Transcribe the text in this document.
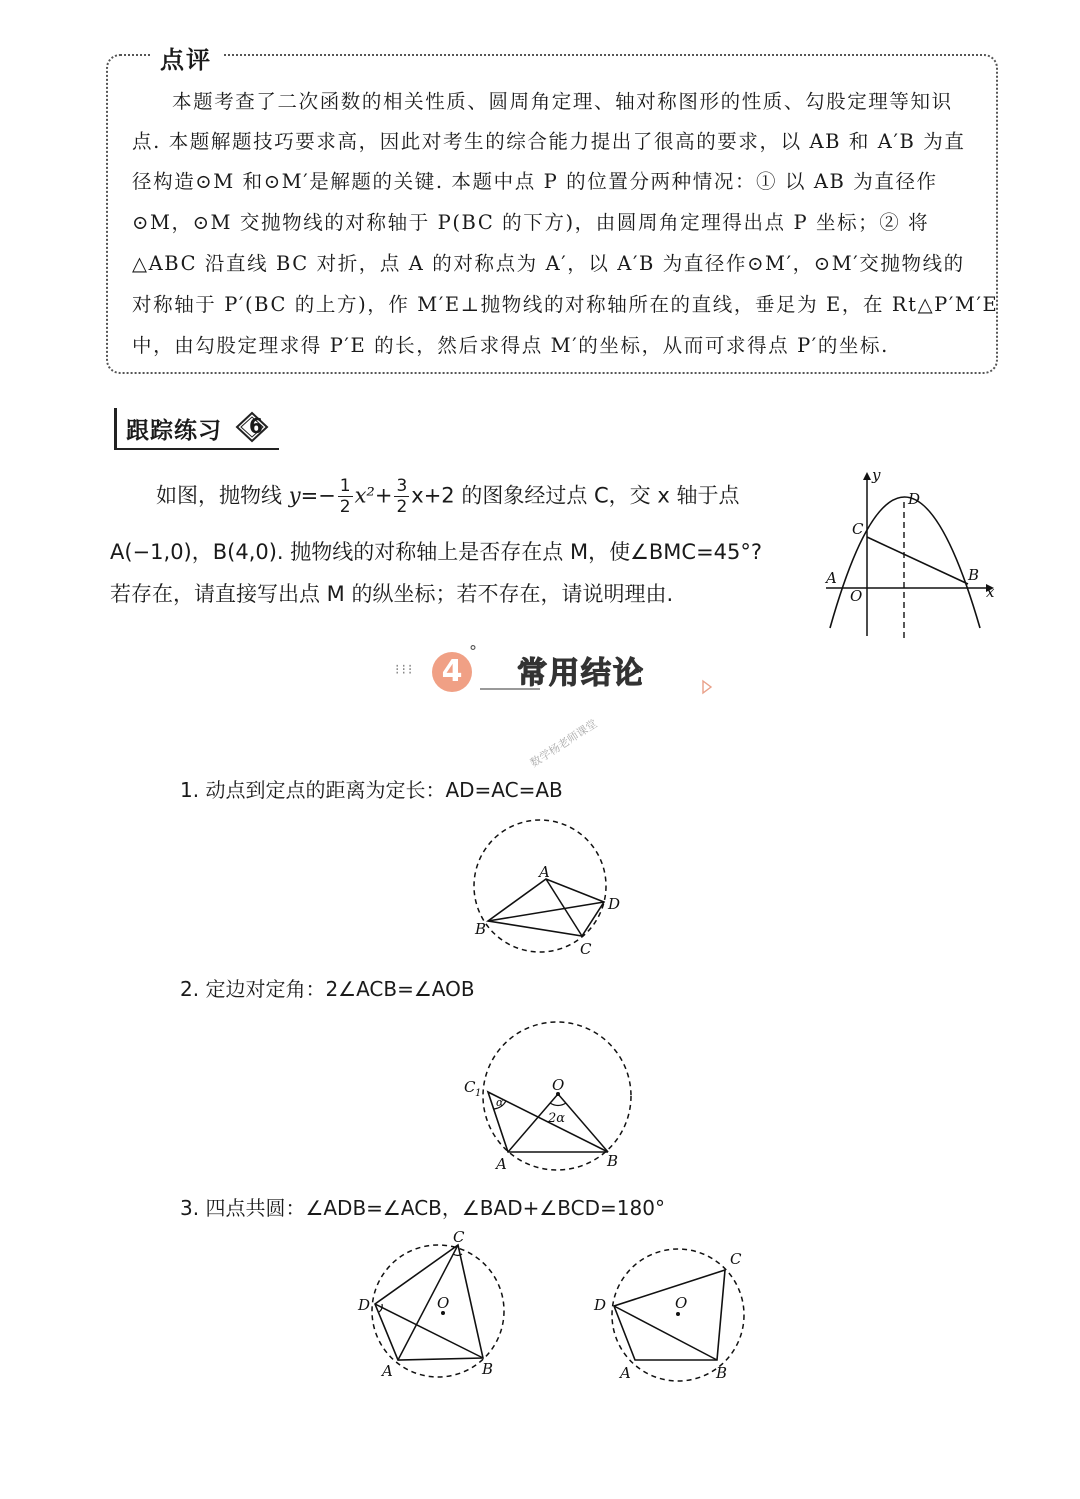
点评
本题考查了二次函数的相关性质、圆周角定理、轴对称图形的性质、勾股定理等知识
点. 本题解题技巧要求高，因此对考生的综合能力提出了很高的要求，以 AB 和 A′B 为直
径构造⊙M 和⊙M′是解题的关键. 本题中点 P 的位置分两种情况：① 以 AB 为直径作
⊙M，⊙M 交抛物线的对称轴于 P(BC 的下方)，由圆周角定理得出点 P 坐标；② 将
△ABC 沿直线 BC 对折，点 A 的对称点为 A′，以 A′B 为直径作⊙M′，⊙M′交抛物线的
对称轴于 P′(BC 的上方)，作 M′E⊥抛物线的对称轴所在的直线，垂足为 E，在 Rt△P′M′E
中，由勾股定理求得 P′E 的长，然后求得点 M′的坐标，从而可求得点 P′的坐标.
跟踪练习 6
如图，抛物线 $y=- \frac{1}{2} x^2+ \frac{3}{2} x+2$ 的图象经过点 C，交 x 轴于点
A(−1,0)，B(4,0). 抛物线的对称轴上是否存在点 M，使∠BMC=45°?
若存在，请直接写出点 M 的纵坐标；若不存在，请说明理由.
y
x
D
C
A
O
B
⁝⁝⁝ 4
°
常用结论
数学杨老师课堂
1. 动点到定点的距离为定长：AD=AC=AB
A
B
C
D
2. 定边对定角：2∠ACB=∠AOB
C 1	O
A	B
α
2α
3. 四点共圆：∠ADB=∠ACB，∠BAD+∠BCD=180°
C
D	O
A	B
C
D	O
A	B
